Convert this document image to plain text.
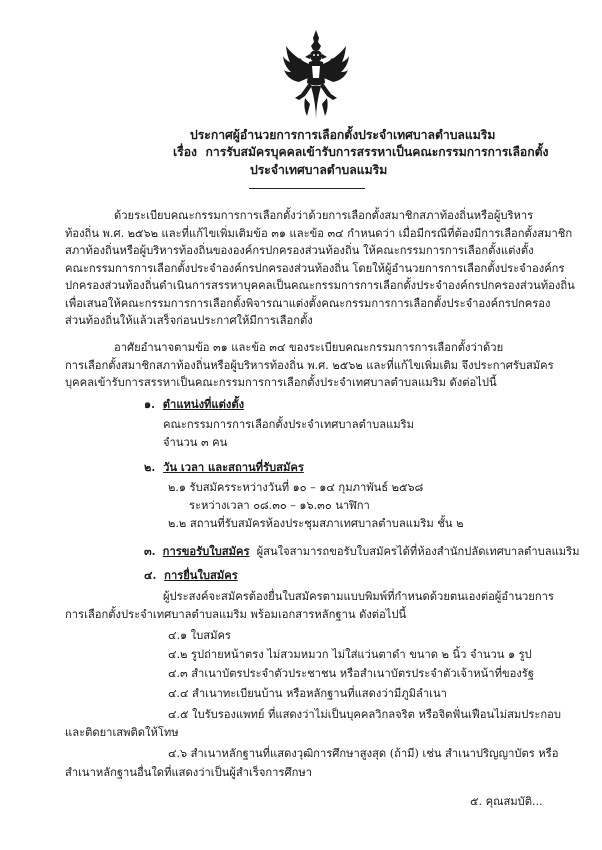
ประกาศผู้อำนวยการการเลือกตั้งประจำเทศบาลตำบลแมริม
เรื่อง การรับสมัครบุคคลเข้ารับการสรรหาเป็นคณะกรรมการการเลือกตั้ง
ประจำเทศบาลตำบลแมริม
ด้วยระเบียบคณะกรรมการการเลือกตั้งว่าด้วยการเลือกตั้งสมาชิกสภาท้องถิ่นหรือผู้บริหาร
ท้องถิ่น พ.ศ. ๒๕๖๒ และที่แก้ไขเพิ่มเติมข้อ ๓๑ และข้อ ๓๔ กำหนดว่า เมื่อมีกรณีที่ต้องมีการเลือกตั้งสมาชิก
สภาท้องถิ่นหรือผู้บริหารท้องถิ่นขององค์กรปกครองส่วนท้องถิ่น ให้คณะกรรมการการเลือกตั้งแต่งตั้ง
คณะกรรมการการเลือกตั้งประจำองค์กรปกครองส่วนท้องถิ่น โดยให้ผู้อำนวยการการเลือกตั้งประจำองค์กร
ปกครองส่วนท้องถิ่นดำเนินการสรรหาบุคคลเป็นคณะกรรมการการเลือกตั้งประจำองค์กรปกครองส่วนท้องถิ่น
เพื่อเสนอให้คณะกรรมการการเลือกตั้งพิจารณาแต่งตั้งคณะกรรมการการเลือกตั้งประจำองค์กรปกครอง
ส่วนท้องถิ่นให้แล้วเสร็จก่อนประกาศให้มีการเลือกตั้ง
อาศัยอำนาจตามข้อ ๓๑ และข้อ ๓๔ ของระเบียบคณะกรรมการการเลือกตั้งว่าด้วย
การเลือกตั้งสมาชิกสภาท้องถิ่นหรือผู้บริหารท้องถิ่น พ.ศ. ๒๕๖๒ และที่แก้ไขเพิ่มเติม จึงประกาศรับสมัคร
บุคคลเข้ารับการสรรหาเป็นคณะกรรมการการเลือกตั้งประจำเทศบาลตำบลแมริม ดังต่อไปนี้
๑. ตำแหน่งที่แต่งตั้ง
คณะกรรมการการเลือกตั้งประจำเทศบาลตำบลแมริม
จำนวน ๓ คน
๒. วัน เวลา และสถานที่รับสมัคร
๒.๑ รับสมัครระหว่างวันที่ ๑๐ – ๑๔ กุมภาพันธ์ ๒๕๖๘
ระหว่างเวลา ๐๘.๓๐ – ๑๖.๓๐ นาฬิกา
๒.๒ สถานที่รับสมัครห้องประชุมสภาเทศบาลตำบลแมริม ชั้น ๒
๓. การขอรับใบสมัคร ผู้สนใจสามารถขอรับใบสมัครได้ที่ห้องสำนักปลัดเทศบาลตำบลแมริม
๔. การยื่นใบสมัคร
ผู้ประสงค์จะสมัครต้องยื่นใบสมัครตามแบบพิมพ์ที่กำหนดด้วยตนเองต่อผู้อำนวยการ
การเลือกตั้งประจำเทศบาลตำบลแมริม พร้อมเอกสารหลักฐาน ดังต่อไปนี้
๔.๑ ใบสมัคร
๔.๒ รูปถ่ายหน้าตรง ไม่สวมหมวก ไม่ใส่แว่นตาดำ ขนาด ๒ นิ้ว จำนวน ๑ รูป
๔.๓ สำเนาบัตรประจำตัวประชาชน หรือสำเนาบัตรประจำตัวเจ้าหน้าที่ของรัฐ
๔.๔ สำเนาทะเบียนบ้าน หรือหลักฐานที่แสดงว่ามีภูมิลำเนา
๔.๕ ใบรับรองแพทย์ ที่แสดงว่าไม่เป็นบุคคลวิกลจริต หรือจิตฟั่นเฟือนไม่สมประกอบ
และติดยาเสพติดให้โทษ
๔.๖ สำเนาหลักฐานที่แสดงวุฒิการศึกษาสูงสุด (ถ้ามี) เช่น สำเนาปริญญาบัตร หรือ
สำเนาหลักฐานอื่นใดที่แสดงว่าเป็นผู้สำเร็จการศึกษา
๕. คุณสมบัติ...
